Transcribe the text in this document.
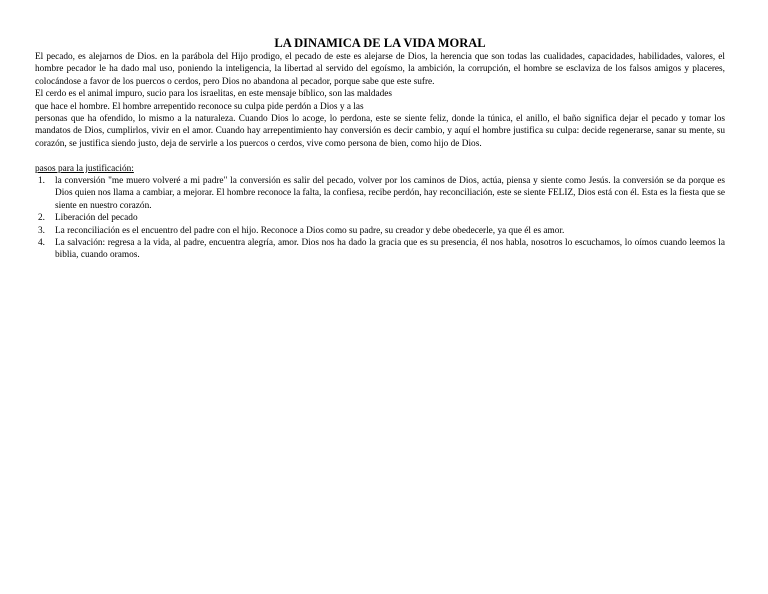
LA DINAMICA DE LA VIDA MORAL

El pecado, es alejarnos de Dios. en la parábola del Hijo prodigo, el pecado de este es alejarse de Dios, la herencia que son todas las cualidades, capacidades, habilidades, valores, el hombre pecador le ha dado mal uso, poniendo la inteligencia, la libertad al servido del egoísmo, la ambición, la corrupción, el hombre se esclaviza de los falsos amigos y placeres, colocándose a favor de los puercos o cerdos, pero Dios no abandona al pecador, porque sabe que este sufre.

El cerdo es el animal impuro, sucio para los israelitas, en este mensaje bíblico, son las maldades
que hace el hombre. El hombre arrepentido reconoce su culpa pide perdón a Dios y a las

personas que ha ofendido, lo mismo a la naturaleza. Cuando Dios lo acoge, lo perdona, este se siente feliz, donde la túnica, el anillo, el baño significa dejar el pecado y tomar los mandatos de Dios, cumplirlos, vivir en el amor. Cuando hay arrepentimiento hay conversión es decir cambio, y aquí el hombre justifica su culpa: decide regenerarse, sanar su mente, su corazón, se justifica siendo justo, deja de servirle a los puercos o cerdos, vive como persona de bien, como hijo de Dios.

pasos para la justificación:
1. la conversión "me muero volveré a mi padre" la conversión es salir del pecado, volver por los caminos de Dios, actúa, piensa y siente como Jesús. la conversión se da porque es Dios quien nos llama a cambiar, a mejorar. El hombre reconoce la falta, la confiesa, recibe perdón, hay reconciliación, este se siente FELIZ, Dios está con él. Esta es la fiesta que se siente en nuestro corazón.
2. Liberación del pecado
3. La reconciliación es el encuentro del padre con el hijo. Reconoce a Dios como su padre, su creador y debe obedecerle, ya que él es amor.
4. La salvación: regresa a la vida, al padre, encuentra alegría, amor. Dios nos ha dado la gracia que es su presencia, él nos habla, nosotros lo escuchamos, lo oímos cuando leemos la biblia, cuando oramos.
